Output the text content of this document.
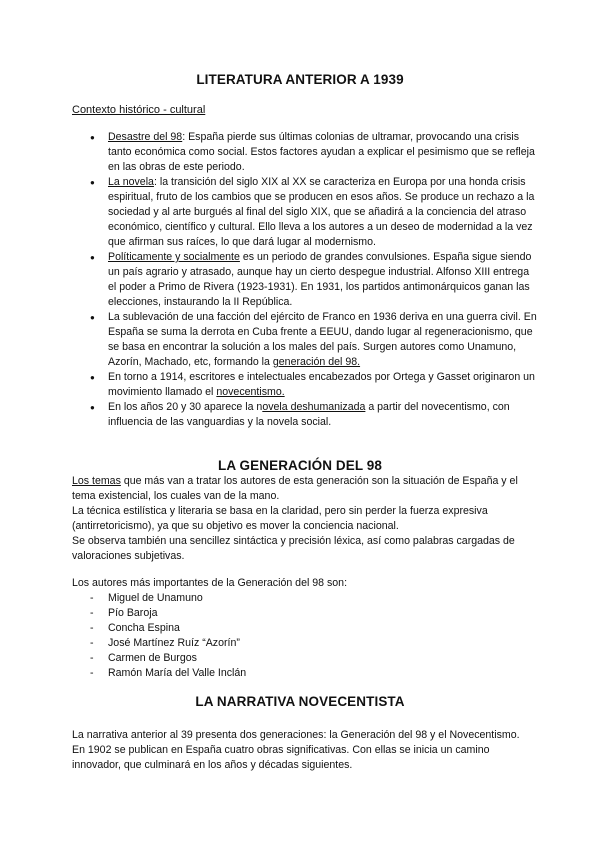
LITERATURA ANTERIOR A 1939
Contexto histórico - cultural
● Desastre del 98: España pierde sus últimas colonias de ultramar, provocando una crisis tanto económica como social. Estos factores ayudan a explicar el pesimismo que se refleja en las obras de este periodo.
● La novela: la transición del siglo XIX al XX se caracteriza en Europa por una honda crisis espiritual, fruto de los cambios que se producen en esos años. Se produce un rechazo a la sociedad y al arte burgués al final del siglo XIX, que se añadirá a la conciencia del atraso económico, científico y cultural. Ello lleva a los autores a un deseo de modernidad a la vez que afirman sus raíces, lo que dará lugar al modernismo.
● Políticamente y socialmente es un periodo de grandes convulsiones. España sigue siendo un país agrario y atrasado, aunque hay un cierto despegue industrial. Alfonso XIII entrega el poder a Primo de Rivera (1923-1931). En 1931, los partidos antimonárquicos ganan las elecciones, instaurando la II República.
● La sublevación de una facción del ejército de Franco en 1936 deriva en una guerra civil. En España se suma la derrota en Cuba frente a EEUU, dando lugar al regeneracionismo, que se basa en encontrar la solución a los males del país. Surgen autores como Unamuno, Azorín, Machado, etc, formando la generación del 98.
● En torno a 1914, escritores e intelectuales encabezados por Ortega y Gasset originaron un movimiento llamado el novecentismo.
● En los años 20 y 30 aparece la novela deshumanizada a partir del novecentismo, con influencia de las vanguardias y la novela social.
LA GENERACIÓN DEL 98

Los temas que más van a tratar los autores de esta generación son la situación de España y el tema existencial, los cuales van de la mano.

La técnica estilística y literaria se basa en la claridad, pero sin perder la fuerza expresiva (antirretoricismo), ya que su objetivo es mover la conciencia nacional.

Se observa también una sencillez sintáctica y precisión léxica, así como palabras cargadas de valoraciones subjetivas.

Los autores más importantes de la Generación del 98 son:

- Miguel de Unamuno
- Pío Baroja
- Concha Espina
- José Martínez Ruíz “Azorín”
- Carmen de Burgos
- Ramón María del Valle Inclán
LA NARRATIVA NOVECENTISTA

La narrativa anterior al 39 presenta dos generaciones: la Generación del 98 y el Novecentismo. En 1902 se publican en España cuatro obras significativas. Con ellas se inicia un camino innovador, que culminará en los años y décadas siguientes.
